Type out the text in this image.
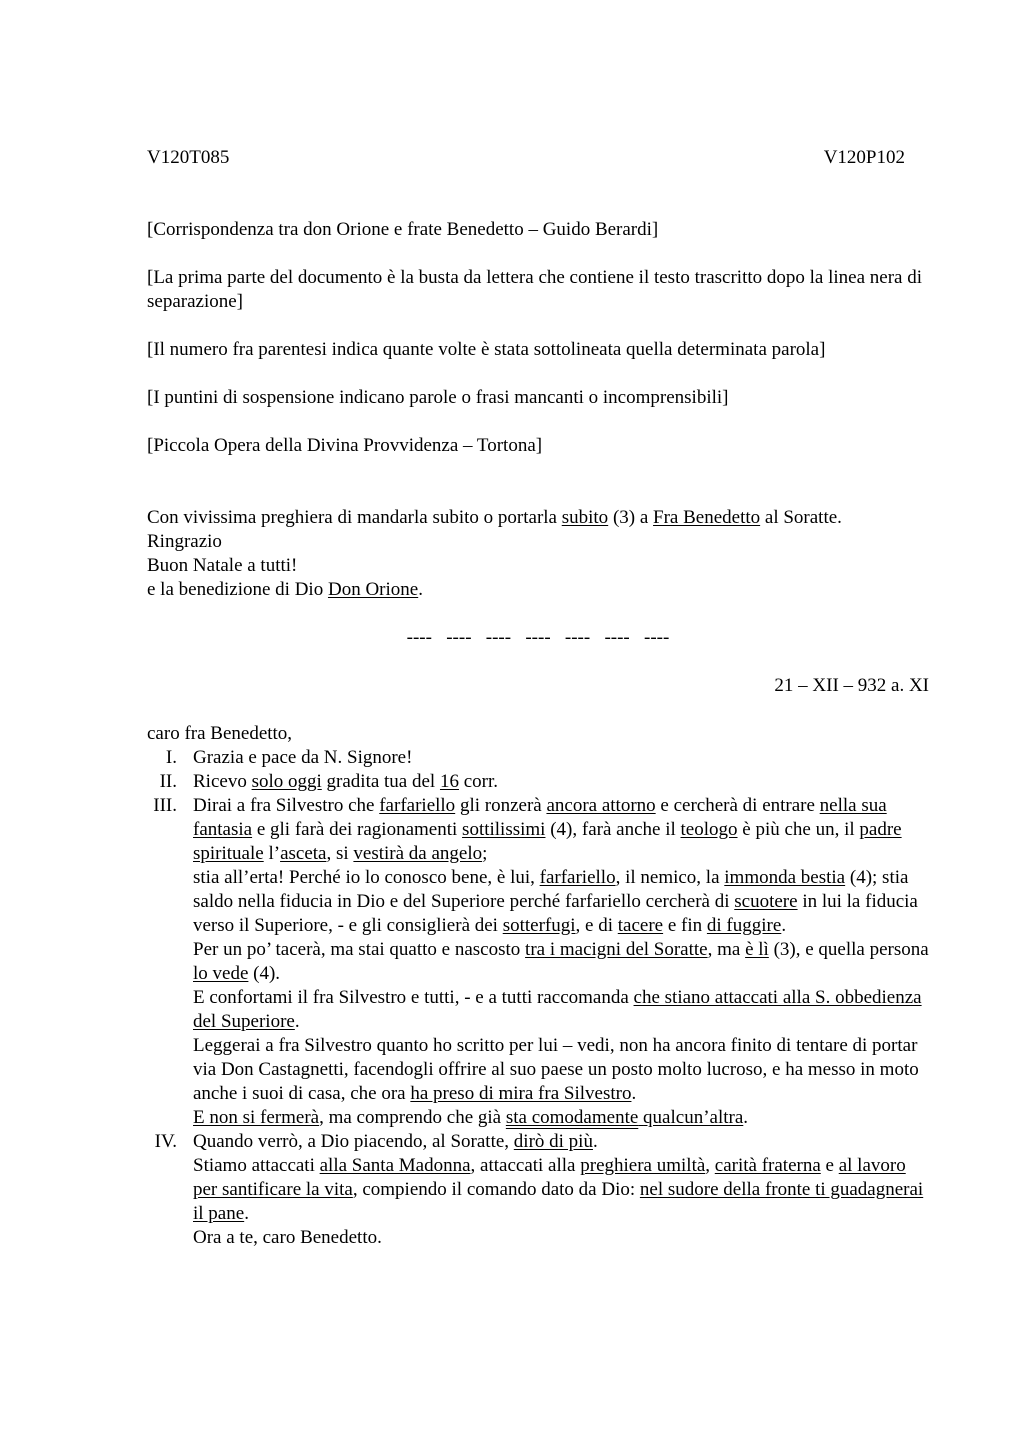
V120T085	V120P102

[Corrispondenza tra don Orione e frate Benedetto – Guido Berardi]

[La prima parte del documento è la busta da lettera che contiene il testo trascritto dopo la linea nera di separazione]

[Il numero fra parentesi indica quante volte è stata sottolineata quella determinata parola]

[I puntini di sospensione indicano parole o frasi mancanti o incomprensibili]

[Piccola Opera della Divina Provvidenza – Tortona]

Con vivissima preghiera di mandarla subito o portarla subito (3) a Fra Benedetto al Soratte.

Ringrazio

Buon Natale a tutti!

e la benedizione di Dio Don Orione.

----   ----   ----   ----   ----   ----   ----

21 – XII – 932 a. XI

caro fra Benedetto,

I. Grazia e pace da N. Signore!
II. Ricevo solo oggi gradita tua del 16 corr.
III. Dirai a fra Silvestro che farfariello gli ronzerà ancora attorno e cercherà di entrare nella sua fantasia e gli farà dei ragionamenti sottilissimi (4), farà anche il teologo è più che un, il padre spirituale l’asceta, si vestirà da angelo;

stia all’erta! Perché io lo conosco bene, è lui, farfariello, il nemico, la immonda bestia (4); stia saldo nella fiducia in Dio e del Superiore perché farfariello cercherà di scuotere in lui la fiducia verso il Superiore, - e gli consiglierà dei sotterfugi, e di tacere e fin di fuggire.

Per un po’ tacerà, ma stai quatto e nascosto tra i macigni del Soratte, ma è lì (3), e quella persona lo vede (4).

E confortami il fra Silvestro e tutti, - e a tutti raccomanda che stiano attaccati alla S. obbedienza del Superiore.

Leggerai a fra Silvestro quanto ho scritto per lui – vedi, non ha ancora finito di tentare di portar via Don Castagnetti, facendogli offrire al suo paese un posto molto lucroso, e ha messo in moto anche i suoi di casa, che ora ha preso di mira fra Silvestro.

E non si fermerà, ma comprendo che già sta comodamente qualcun’altra.

IV. Quando verrò, a Dio piacendo, al Soratte, dirò di più.

Stiamo attaccati alla Santa Madonna, attaccati alla preghiera umiltà, carità fraterna e al lavoro per santificare la vita, compiendo il comando dato da Dio: nel sudore della fronte ti guadagnerai il pane.

Ora a te, caro Benedetto.
